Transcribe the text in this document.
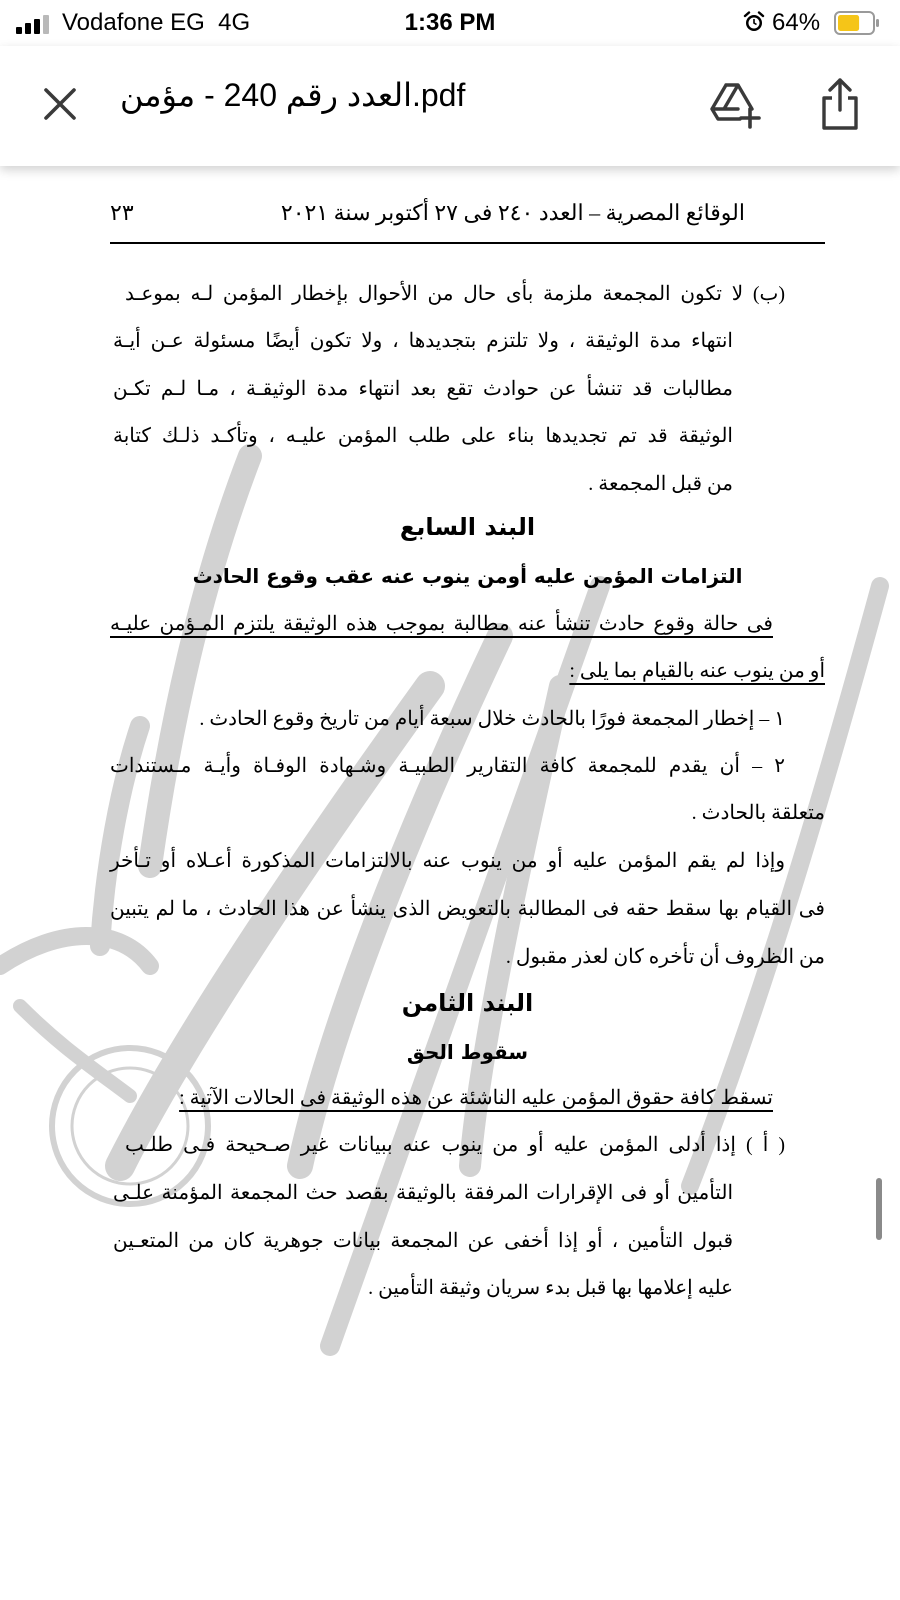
Vodafone EG 4G	1:36 PM	64%
العدد رقم 240 - مؤمن.pdf
الوقائع المصرية – العدد ٢٤٠ فى ٢٧ أكتوبر سنة ٢٠٢١
٢٣
(ب) لا تكون المجمعة ملزمة بأى حال من الأحوال بإخطار المؤمن لـه بموعـد
انتهاء مدة الوثيقة ، ولا تلتزم بتجديدها ، ولا تكون أيضًا مسئولة عـن أيـة
مطالبات قد تنشأ عن حوادث تقع بعد انتهاء مدة الوثيقـة ، مـا لـم تكـن
الوثيقة قد تم تجديدها بناء على طلب المؤمن عليـه ، وتأكـد ذلـك كتابة
من قبل المجمعة .
البند السابع
التزامات المؤمن عليه أومن ينوب عنه عقب وقوع الحادث
فى حالة وقوع حادث تنشأ عنه مطالبة بموجب هذه الوثيقة يلتزم المـؤمن عليـه
أو من ينوب عنه بالقيام بما يلى :
١ – إخطار المجمعة فورًا بالحادث خلال سبعة أيام من تاريخ وقوع الحادث .
٢ – أن يقدم للمجمعة كافة التقارير الطبيـة وشـهادة الوفـاة وأيـة مـستندات
متعلقة بالحادث .
وإذا لم يقم المؤمن عليه أو من ينوب عنه بالالتزامات المذكورة أعـلاه أو تـأخر
فى القيام بها سقط حقه فى المطالبة بالتعويض الذى ينشأ عن هذا الحادث ، ما لم يتبين
من الظروف أن تأخره كان لعذر مقبول .
البند الثامن
سقوط الحق
تسقط كافة حقوق المؤمن عليه الناشئة عن هذه الوثيقة فى الحالات الآتية :
( أ ) إذا أدلى المؤمن عليه أو من ينوب عنه ببيانات غير صـحيحة فـى طلـب
التأمين أو فى الإقرارات المرفقة بالوثيقة بقصد حث المجمعة المؤمنة علـى
قبول التأمين ، أو إذا أخفى عن المجمعة بيانات جوهرية كان من المتعـين
عليه إعلامها بها قبل بدء سريان وثيقة التأمين .
